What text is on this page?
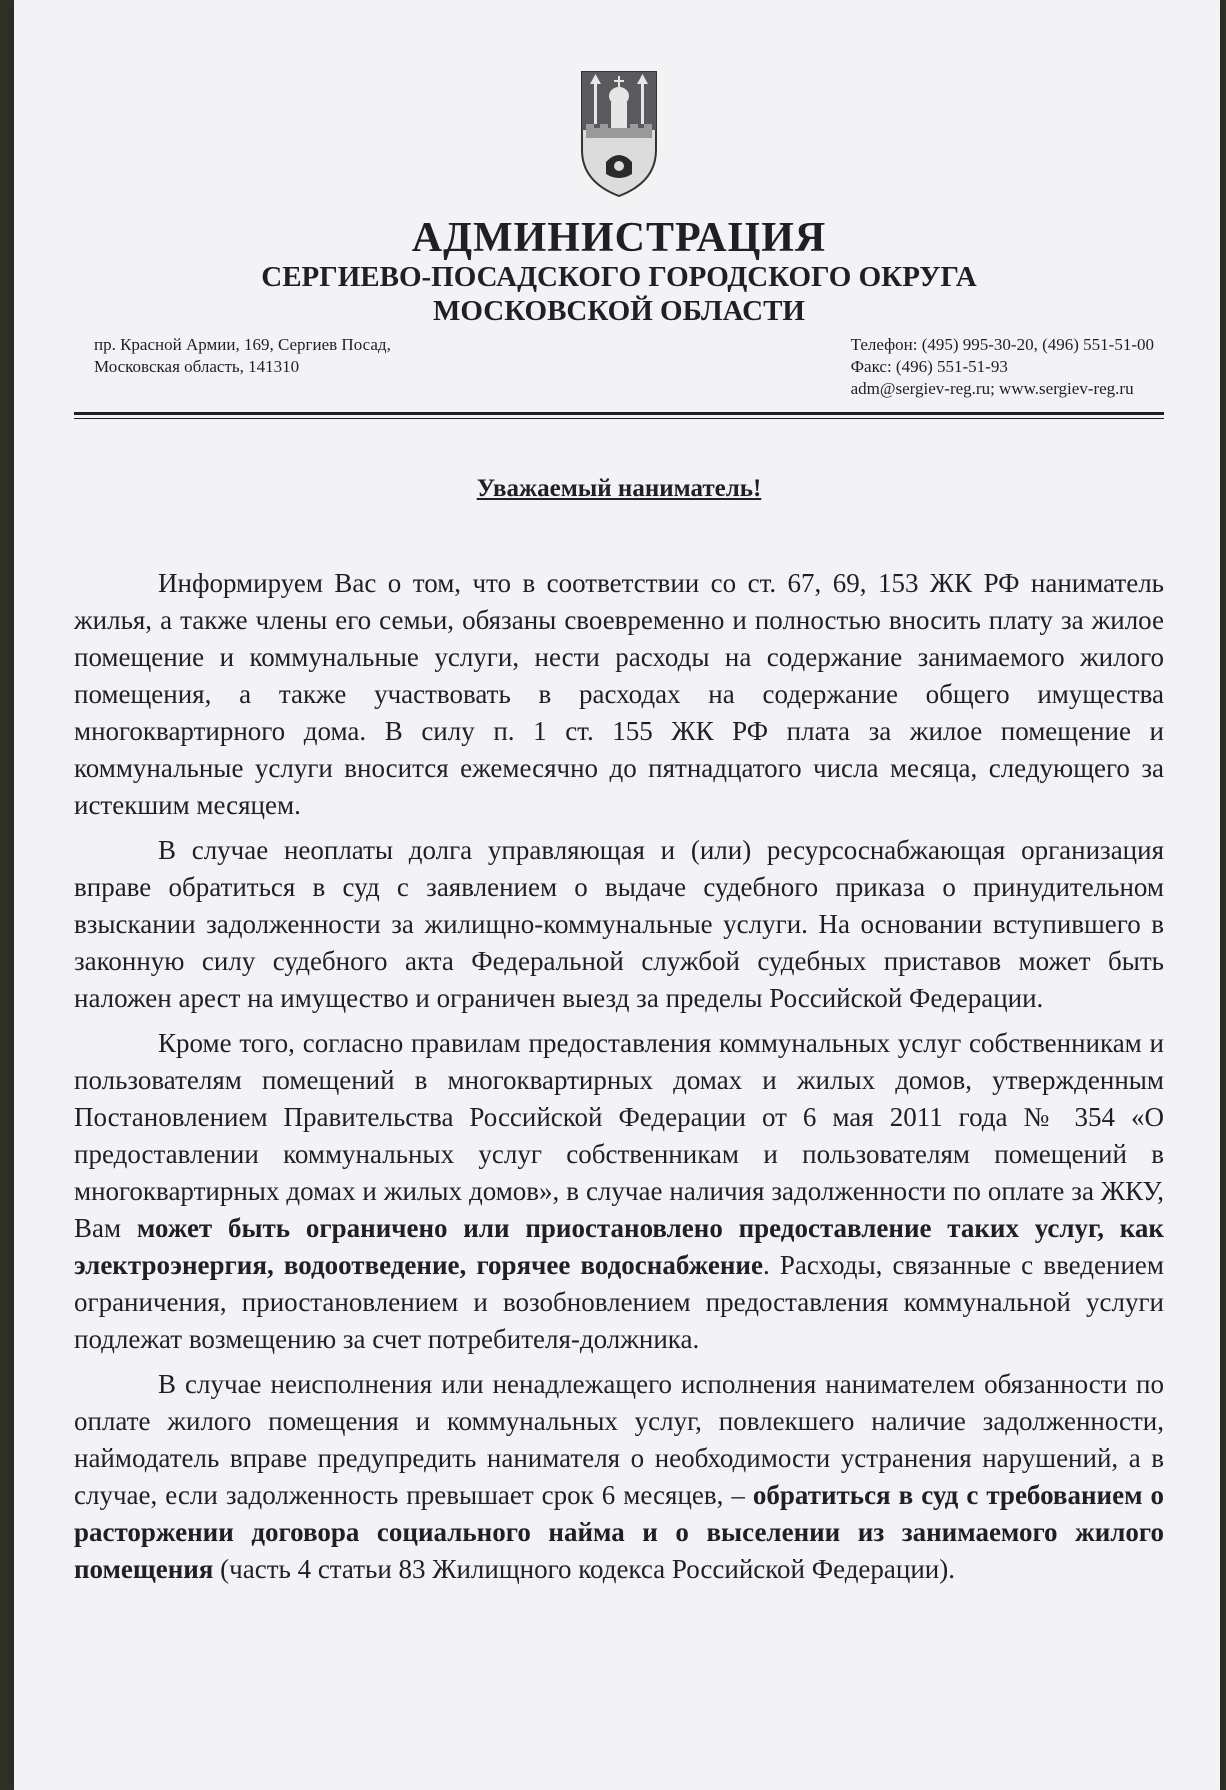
АДМИНИСТРАЦИЯ
СЕРГИЕВО-ПОСАДСКОГО ГОРОДСКОГО ОКРУГА
МОСКОВСКОЙ ОБЛАСТИ
пр. Красной Армии, 169, Сергиев Посад,
Московская область, 141310
Телефон: (495) 995-30-20, (496) 551-51-00
Факс: (496) 551-51-93
adm@sergiev-reg.ru; www.sergiev-reg.ru
Уважаемый наниматель!

Информируем Вас о том, что в соответствии со ст. 67, 69, 153 ЖК РФ наниматель жилья, а также члены его семьи, обязаны своевременно и полностью вносить плату за жилое помещение и коммунальные услуги, нести расходы на содержание занимаемого жилого помещения, а также участвовать в расходах на содержание общего имущества многоквартирного дома. В силу п. 1 ст. 155 ЖК РФ плата за жилое помещение и коммунальные услуги вносится ежемесячно до пятнадцатого числа месяца, следующего за истекшим месяцем.

В случае неоплаты долга управляющая и (или) ресурсоснабжающая организация вправе обратиться в суд с заявлением о выдаче судебного приказа о принудительном взыскании задолженности за жилищно-коммунальные услуги. На основании вступившего в законную силу судебного акта Федеральной службой судебных приставов может быть наложен арест на имущество и ограничен выезд за пределы Российской Федерации.

Кроме того, согласно правилам предоставления коммунальных услуг собственникам и пользователям помещений в многоквартирных домах и жилых домов, утвержденным Постановлением Правительства Российской Федерации от 6 мая 2011 года № 354 «О предоставлении коммунальных услуг собственникам и пользователям помещений в многоквартирных домах и жилых домов», в случае наличия задолженности по оплате за ЖКУ, Вам может быть ограничено или приостановлено предоставление таких услуг, как электроэнергия, водоотведение, горячее водоснабжение. Расходы, связанные с введением ограничения, приостановлением и возобновлением предоставления коммунальной услуги подлежат возмещению за счет потребителя-должника.

В случае неисполнения или ненадлежащего исполнения нанимателем обязанности по оплате жилого помещения и коммунальных услуг, повлекшего наличие задолженности, наймодатель вправе предупредить нанимателя о необходимости устранения нарушений, а в случае, если задолженность превышает срок 6 месяцев, – обратиться в суд с требованием о расторжении договора социального найма и о выселении из занимаемого жилого помещения (часть 4 статьи 83 Жилищного кодекса Российской Федерации).
